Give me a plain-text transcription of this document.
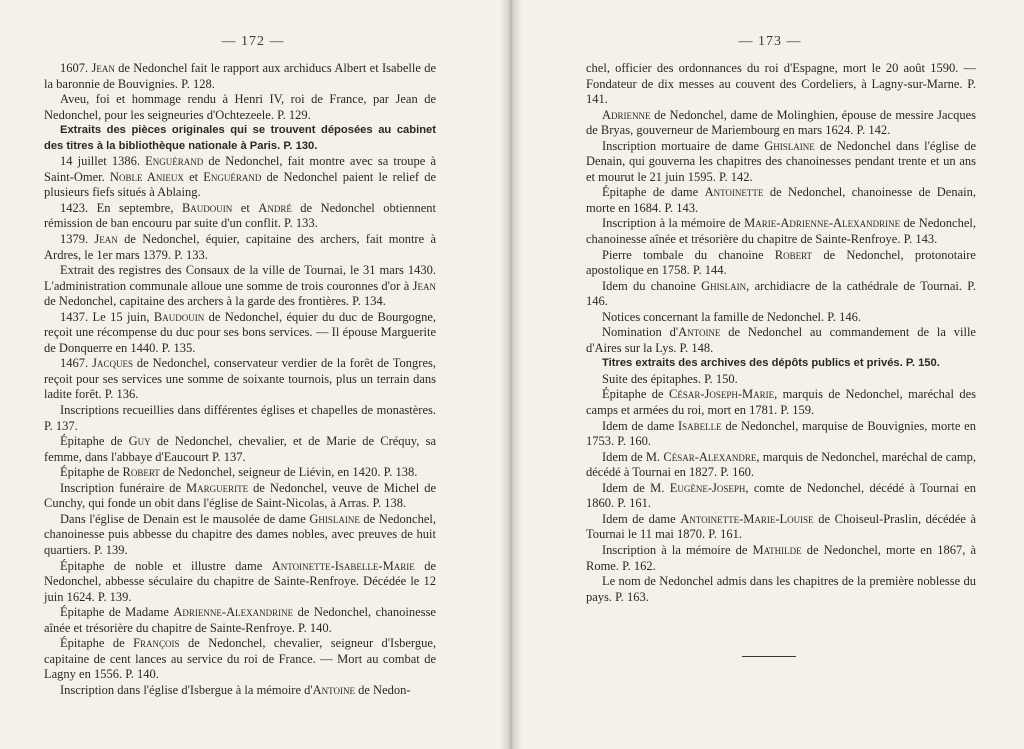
— 172 —

1607. Jean de Nedonchel fait le rapport aux archiducs Albert et Isabelle de la baronnie de Bouvignies. P. 128.

Aveu, foi et hommage rendu à Henri IV, roi de France, par Jean de Nedonchel, pour les seigneuries d'Ochtezeele. P. 129.

Extraits des pièces originales qui se trouvent déposées au cabinet des titres à la bibliothèque nationale à Paris. P. 130.

14 juillet 1386. Enguérand de Nedonchel, fait montre avec sa troupe à Saint-Omer. Noble Anieux et Enguérand de Nedonchel paient le relief de plusieurs fiefs situés à Ablaing.

1423. En septembre, Baudouin et André de Nedonchel obtiennent rémission de ban encouru par suite d'un conflit. P. 133.

1379. Jean de Nedonchel, équier, capitaine des archers, fait montre à Ardres, le 1er mars 1379. P. 133.

Extrait des registres des Consaux de la ville de Tournai, le 31 mars 1430. L'administration communale alloue une somme de trois couronnes d'or à Jean de Nedonchel, capitaine des archers à la garde des frontières. P. 134.

1437. Le 15 juin, Baudouin de Nedonchel, équier du duc de Bourgogne, reçoit une récompense du duc pour ses bons services. — Il épouse Marguerite de Donquerre en 1440. P. 135.

1467. Jacques de Nedonchel, conservateur verdier de la forêt de Tongres, reçoit pour ses services une somme de soixante tournois, plus un terrain dans ladite forêt. P. 136.

Inscriptions recueillies dans différentes églises et chapelles de monastères. P. 137.

Épitaphe de Guy de Nedonchel, chevalier, et de Marie de Créquy, sa femme, dans l'abbaye d'Eaucourt P. 137.

Épitaphe de Robert de Nedonchel, seigneur de Liévin, en 1420. P. 138.

Inscription funéraire de Marguerite de Nedonchel, veuve de Michel de Cunchy, qui fonde un obit dans l'église de Saint-Nicolas, à Arras. P. 138.

Dans l'église de Denain est le mausolée de dame Ghislaine de Nedonchel, chanoinesse puis abbesse du chapitre des dames nobles, avec preuves de huit quartiers. P. 139.

Épitaphe de noble et illustre dame Antoinette-Isabelle-Marie de Nedonchel, abbesse séculaire du chapitre de Sainte-Renfroye. Décédée le 12 juin 1624. P. 139.

Épitaphe de Madame Adrienne-Alexandrine de Nedonchel, chanoinesse aînée et trésorière du chapitre de Sainte-Renfroye. P. 140.

Épitaphe de François de Nedonchel, chevalier, seigneur d'Isbergue, capitaine de cent lances au service du roi de France. — Mort au combat de Lagny en 1556. P. 140.

Inscription dans l'église d'Isbergue à la mémoire d'Antoine de Nedon-

— 173 —

chel, officier des ordonnances du roi d'Espagne, mort le 20 août 1590. — Fondateur de dix messes au couvent des Cordeliers, à Lagny-sur-Marne. P. 141.

Adrienne de Nedonchel, dame de Molinghien, épouse de messire Jacques de Bryas, gouverneur de Mariembourg en mars 1624. P. 142.

Inscription mortuaire de dame Ghislaine de Nedonchel dans l'église de Denain, qui gouverna les chapitres des chanoinesses pendant trente et un ans et mourut le 21 juin 1595. P. 142.

Épitaphe de dame Antoinette de Nedonchel, chanoinesse de Denain, morte en 1684. P. 143.

Inscription à la mémoire de Marie-Adrienne-Alexandrine de Nedonchel, chanoinesse aînée et trésorière du chapitre de Sainte-Renfroye. P. 143.

Pierre tombale du chanoine Robert de Nedonchel, protonotaire apostolique en 1758. P. 144.

Idem du chanoine Ghislain, archidiacre de la cathédrale de Tournai. P. 146.

Notices concernant la famille de Nedonchel. P. 146.

Nomination d'Antoine de Nedonchel au commandement de la ville d'Aires sur la Lys. P. 148.

Titres extraits des archives des dépôts publics et privés. P. 150.

Suite des épitaphes. P. 150.

Épitaphe de César-Joseph-Marie, marquis de Nedonchel, maréchal des camps et armées du roi, mort en 1781. P. 159.

Idem de dame Isabelle de Nedonchel, marquise de Bouvignies, morte en 1753. P. 160.

Idem de M. César-Alexandre, marquis de Nedonchel, maréchal de camp, décédé à Tournai en 1827. P. 160.

Idem de M. Eugène-Joseph, comte de Nedonchel, décédé à Tournai en 1860. P. 161.

Idem de dame Antoinette-Marie-Louise de Choiseul-Praslin, décédée à Tournai le 11 mai 1870. P. 161.

Inscription à la mémoire de Mathilde de Nedonchel, morte en 1867, à Rome. P. 162.

Le nom de Nedonchel admis dans les chapitres de la première noblesse du pays. P. 163.
